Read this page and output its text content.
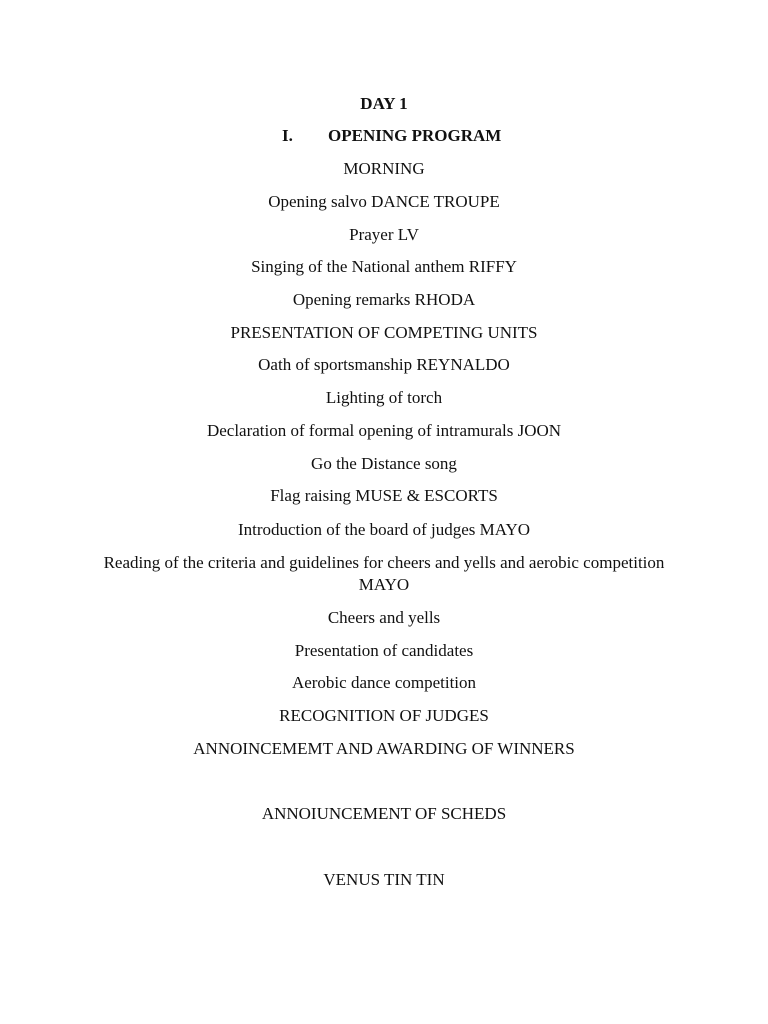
DAY 1
I. OPENING PROGRAM
MORNING
Opening salvo DANCE TROUPE
Prayer LV
Singing of the National anthem RIFFY
Opening remarks RHODA
PRESENTATION OF COMPETING UNITS
Oath of sportsmanship REYNALDO
Lighting of torch
Declaration of formal opening of intramurals JOON
Go the Distance song
Flag raising MUSE & ESCORTS
Introduction of the board of judges MAYO
Reading of the criteria and guidelines for cheers and yells and aerobic competition MAYO
Cheers and yells
Presentation of candidates
Aerobic dance competition
RECOGNITION OF JUDGES
ANNOINCEMEMT AND AWARDING OF WINNERS
ANNOIUNCEMENT OF SCHEDS
VENUS TIN TIN
